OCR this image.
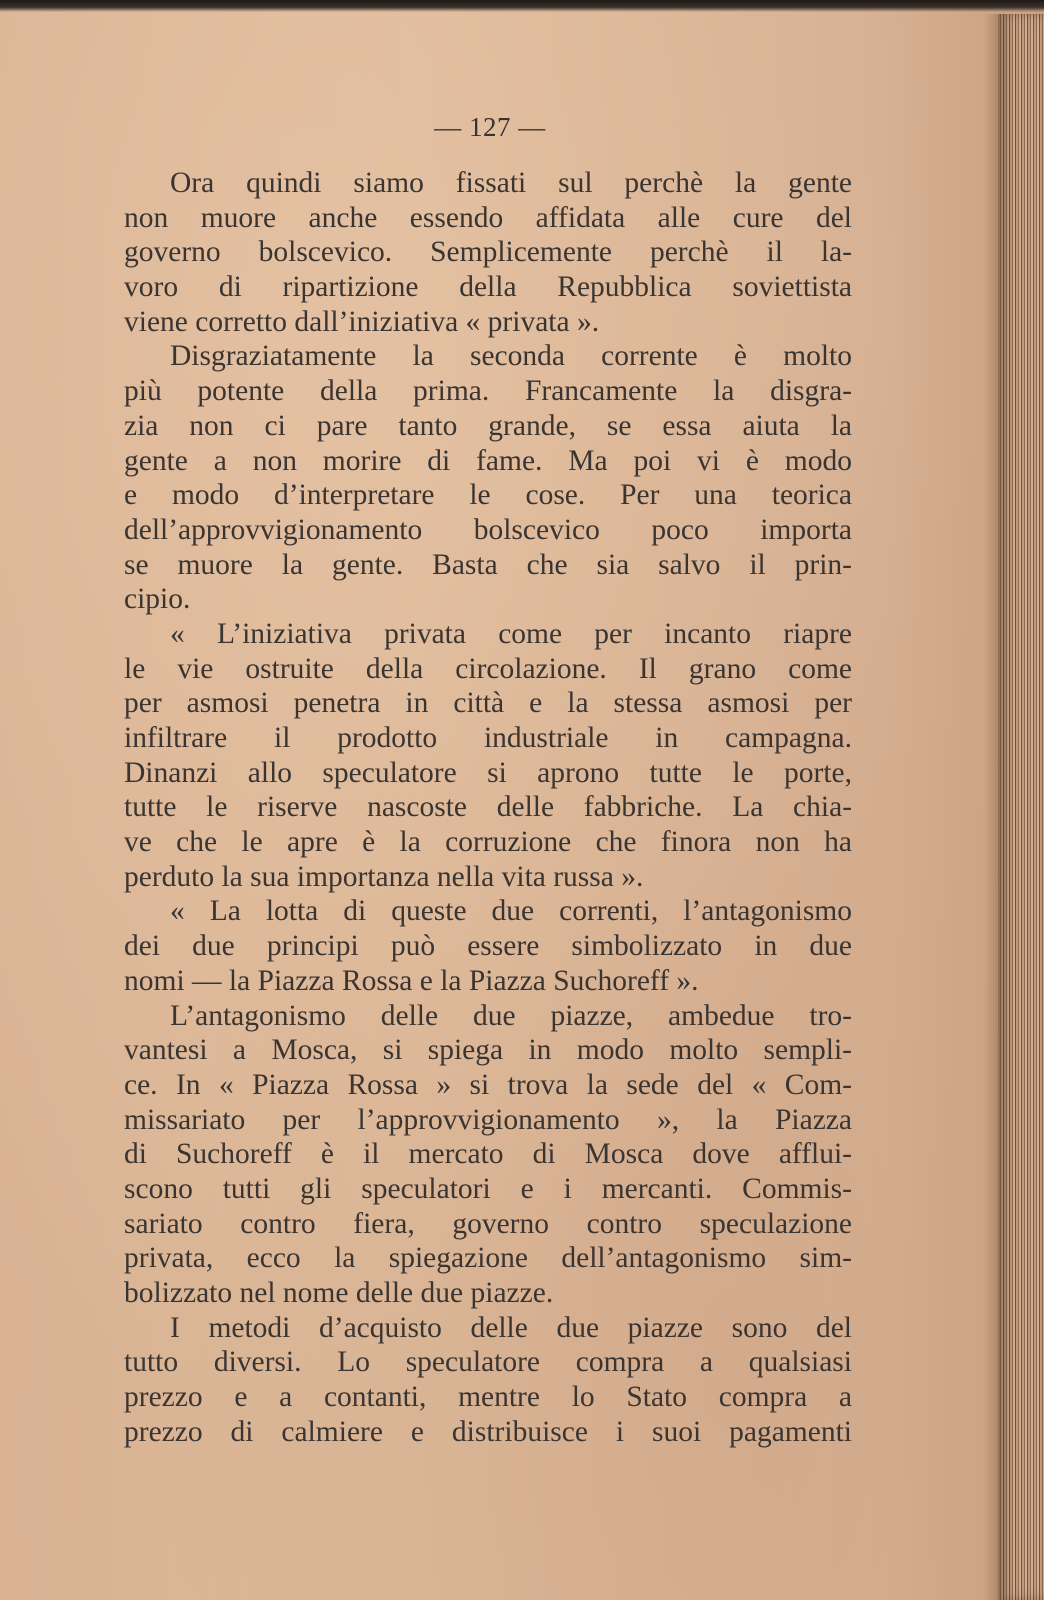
— 127 —
Ora quindi siamo fissati sul perchè la gente
non muore anche essendo affidata alle cure del
governo bolscevico. Semplicemente perchè il la-
voro di ripartizione della Repubblica soviettista
viene corretto dall’iniziativa « privata ».
Disgraziatamente la seconda corrente è molto
più potente della prima. Francamente la disgra-
zia non ci pare tanto grande, se essa aiuta la
gente a non morire di fame. Ma poi vi è modo
e modo d’interpretare le cose. Per una teorica
dell’approvvigionamento bolscevico poco importa
se muore la gente. Basta che sia salvo il prin-
cipio.
« L’iniziativa privata come per incanto riapre
le vie ostruite della circolazione. Il grano come
per asmosi penetra in città e la stessa asmosi per
infiltrare il prodotto industriale in campagna.
Dinanzi allo speculatore si aprono tutte le porte,
tutte le riserve nascoste delle fabbriche. La chia-
ve che le apre è la corruzione che finora non ha
perduto la sua importanza nella vita russa ».
« La lotta di queste due correnti, l’antagonismo
dei due principi può essere simbolizzato in due
nomi — la Piazza Rossa e la Piazza Suchoreff ».
L’antagonismo delle due piazze, ambedue tro-
vantesi a Mosca, si spiega in modo molto sempli-
ce. In « Piazza Rossa » si trova la sede del « Com-
missariato per l’approvvigionamento », la Piazza
di Suchoreff è il mercato di Mosca dove afflui-
scono tutti gli speculatori e i mercanti. Commis-
sariato contro fiera, governo contro speculazione
privata, ecco la spiegazione dell’antagonismo sim-
bolizzato nel nome delle due piazze.
I metodi d’acquisto delle due piazze sono del
tutto diversi. Lo speculatore compra a qualsiasi
prezzo e a contanti, mentre lo Stato compra a
prezzo di calmiere e distribuisce i suoi pagamenti
